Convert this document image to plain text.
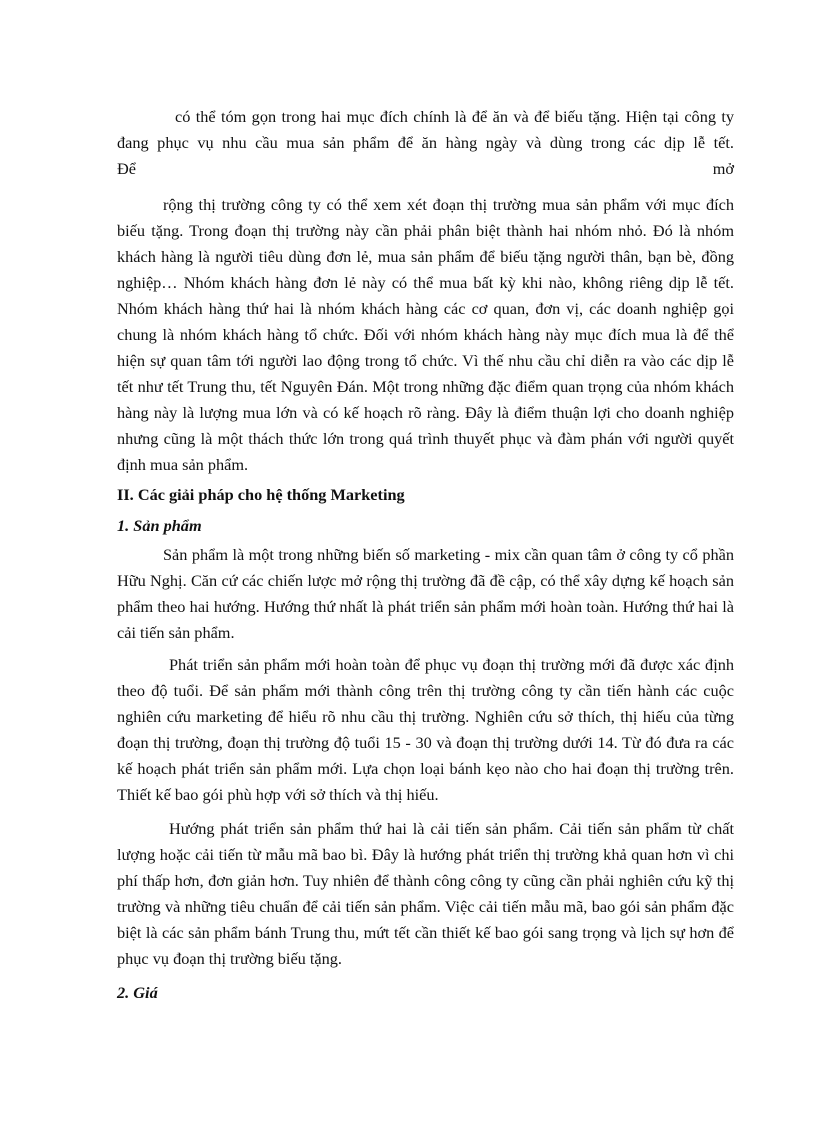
có thể tóm gọn trong hai mục đích chính là để ăn và để biếu tặng. Hiện tại công ty đang phục vụ nhu cầu mua sản phẩm để ăn hàng ngày và dùng trong các dịp lễ tết.

Để	mở

rộng thị trường công ty có thể xem xét đoạn thị trường mua sản phẩm với mục đích biếu tặng. Trong đoạn thị trường này cần phải phân biệt thành hai nhóm nhỏ. Đó là nhóm khách hàng là người tiêu dùng đơn lẻ, mua sản phẩm để biếu tặng người thân, bạn bè, đồng nghiệp… Nhóm khách hàng đơn lẻ này có thể mua bất kỳ khi nào, không riêng dịp lễ tết. Nhóm khách hàng thứ hai là nhóm khách hàng các cơ quan, đơn vị, các doanh nghiệp gọi chung là nhóm khách hàng tổ chức. Đối với nhóm khách hàng này mục đích mua là để thể hiện sự quan tâm tới người lao động trong tổ chức. Vì thế nhu cầu chỉ diễn ra vào các dịp lễ tết như tết Trung thu, tết Nguyên Đán. Một trong những đặc điểm quan trọng của nhóm khách hàng này là lượng mua lớn và có kế hoạch rõ ràng. Đây là điểm thuận lợi cho doanh nghiệp nhưng cũng là một thách thức lớn trong quá trình thuyết phục và đàm phán với người quyết định mua sản phẩm.

II. Các giải pháp cho hệ thống Marketing
1. Sản phẩm

Sản phẩm là một trong những biến số marketing - mix cần quan tâm ở công ty cổ phần Hữu Nghị. Căn cứ các chiến lược mở rộng thị trường đã đề cập, có thể xây dựng kế hoạch sản phẩm theo hai hướng. Hướng thứ nhất là phát triển sản phẩm mới hoàn toàn. Hướng thứ hai là cải tiến sản phẩm.

Phát triển sản phẩm mới hoàn toàn để phục vụ đoạn thị trường mới đã được xác định theo độ tuổi. Để sản phẩm mới thành công trên thị trường công ty cần tiến hành các cuộc nghiên cứu marketing để hiểu rõ nhu cầu thị trường. Nghiên cứu sở thích, thị hiếu của từng đoạn thị trường, đoạn thị trường độ tuổi 15 - 30 và đoạn thị trường dưới 14. Từ đó đưa ra các kế hoạch phát triển sản phẩm mới. Lựa chọn loại bánh kẹo nào cho hai đoạn thị trường trên. Thiết kế bao gói phù hợp với sở thích và thị hiếu.

Hướng phát triển sản phẩm thứ hai là cải tiến sản phẩm. Cải tiến sản phẩm từ chất lượng hoặc cải tiến từ mẫu mã bao bì. Đây là hướng phát triển thị trường khả quan hơn vì chi phí thấp hơn, đơn giản hơn. Tuy nhiên để thành công công ty cũng cần phải nghiên cứu kỹ thị trường và những tiêu chuẩn để cải tiến sản phẩm. Việc cải tiến mẫu mã, bao gói sản phẩm đặc biệt là các sản phẩm bánh Trung thu, mứt tết cần thiết kế bao gói sang trọng và lịch sự hơn để phục vụ đoạn thị trường biếu tặng.

2. Giá
